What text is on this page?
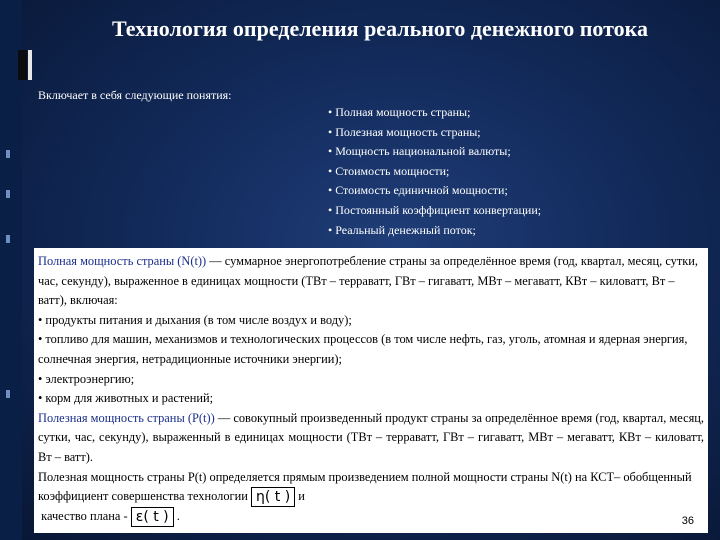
Технология определения реального денежного потока

Включает в себя следующие понятия:

• Полная мощность страны;
• Полезная мощность страны;
• Мощность национальной валюты;
• Стоимость мощности;
• Стоимость единичной мощности;
• Постоянный коэффициент конвертации;
• Реальный денежный поток;

Полная мощность страны (N(t)) — суммарное энергопотребление страны за определённое время (год, квартал, месяц, сутки, час, секунду), выраженное в единицах мощности (ТВт – терраватт, ГВт – гигаватт, МВт – мегаватт, КВт – киловатт, Вт – ватт), включая:

• продукты питания и дыхания (в том числе воздух и воду);

• топливо для машин, механизмов и технологических процессов (в том числе нефть, газ, уголь, атомная и ядерная энергия, солнечная энергия, нетрадиционные источники энергии);

• электроэнергию;

• корм для животных и растений;

Полезная мощность страны (P(t)) — совокупный произведенный продукт страны за определённое время (год, квартал, месяц, сутки, час, секунду), выраженный в единицах мощности (ТВт – терраватт, ГВт – гигаватт, МВт – мегаватт, КВт – киловатт, Вт – ватт).

Полезная мощность страны P(t) определяется прямым произведением полной мощности страны N(t) на КСТ– обобщенный коэффициент совершенства технологии η( t ) и

качество плана - ε( t ) .	36
